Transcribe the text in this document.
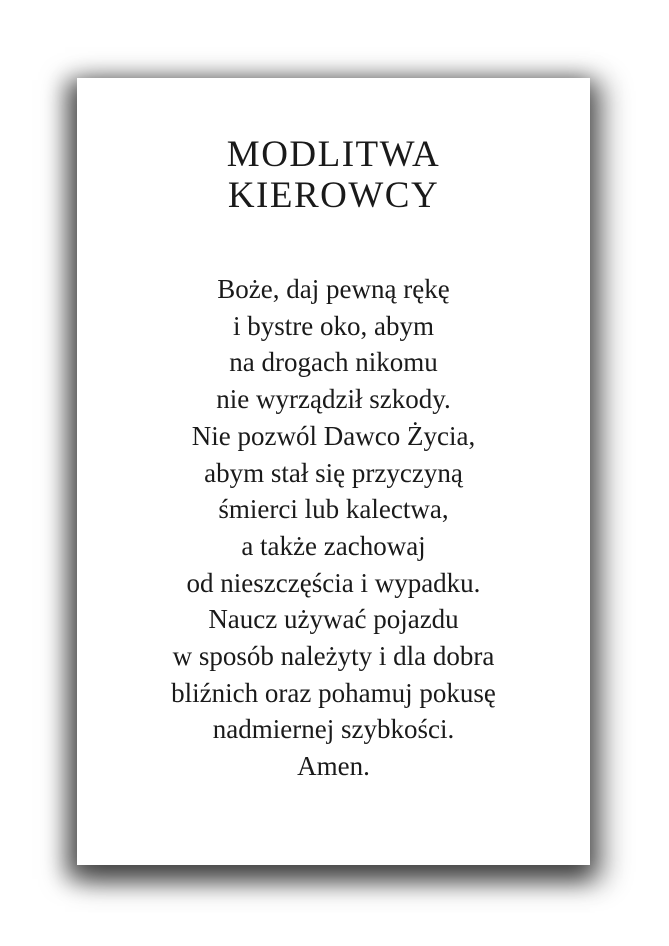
MODLITWA
KIEROWCY
Boże, daj pewną rękę
i bystre oko, abym
na drogach nikomu
nie wyrządził szkody.
Nie pozwól Dawco Życia,
abym stał się przyczyną
śmierci lub kalectwa,
a także zachowaj
od nieszczęścia i wypadku.
Naucz używać pojazdu
w sposób należyty i dla dobra
bliźnich oraz pohamuj pokusę
nadmiernej szybkości.
Amen.
